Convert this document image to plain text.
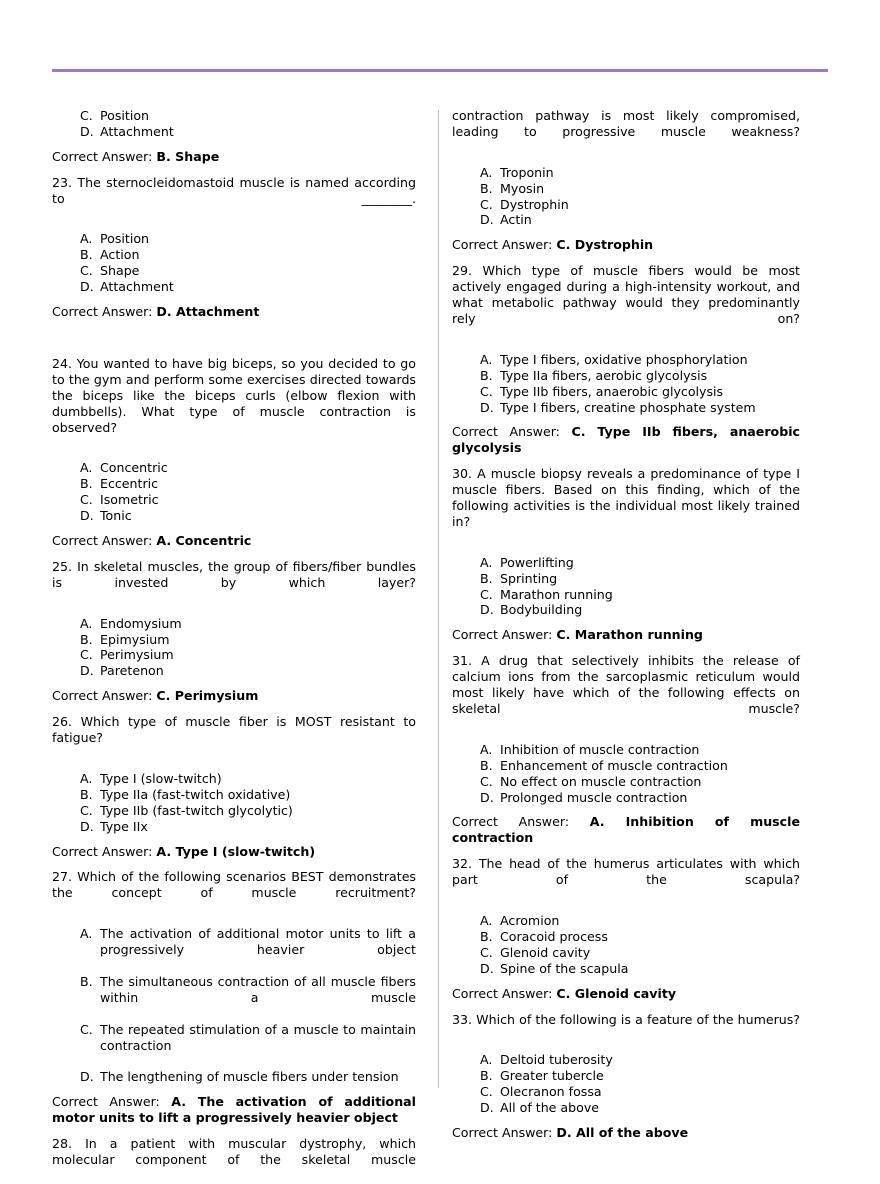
C. Position
D. Attachment

Correct Answer: B. Shape

23. The sternocleidomastoid muscle is named according to ________.

A. Position
B. Action
C. Shape
D. Attachment

Correct Answer: D. Attachment

24. You wanted to have big biceps, so you decided to go to the gym and perform some exercises directed towards the biceps like the biceps curls (elbow flexion with dumbbells). What type of muscle contraction is observed?

A. Concentric
B. Eccentric
C. Isometric
D. Tonic

Correct Answer: A. Concentric

25. In skeletal muscles, the group of fibers/fiber bundles is invested by which layer?

A. Endomysium
B. Epimysium
C. Perimysium
D. Paretenon

Correct Answer: C. Perimysium

26. Which type of muscle fiber is MOST resistant to fatigue?

A. Type I (slow-twitch)
B. Type IIa (fast-twitch oxidative)
C. Type IIb (fast-twitch glycolytic)
D. Type IIx

Correct Answer: A. Type I (slow-twitch)

27. Which of the following scenarios BEST demonstrates the concept of muscle recruitment?

A. The activation of additional motor units to lift a progressively heavier object
B. The simultaneous contraction of all muscle fibers within a muscle
C. The repeated stimulation of a muscle to maintain contraction
D. The lengthening of muscle fibers under tension

Correct Answer: A. The activation of additional motor units to lift a progressively heavier object

28. In a patient with muscular dystrophy, which molecular component of the skeletal muscle

contraction pathway is most likely compromised, leading to progressive muscle weakness?

A. Troponin
B. Myosin
C. Dystrophin
D. Actin

Correct Answer: C. Dystrophin

29. Which type of muscle fibers would be most actively engaged during a high-intensity workout, and what metabolic pathway would they predominantly rely on?

A. Type I fibers, oxidative phosphorylation
B. Type IIa fibers, aerobic glycolysis
C. Type IIb fibers, anaerobic glycolysis
D. Type I fibers, creatine phosphate system

Correct Answer: C. Type IIb fibers, anaerobic glycolysis

30. A muscle biopsy reveals a predominance of type I muscle fibers. Based on this finding, which of the following activities is the individual most likely trained in?

A. Powerlifting
B. Sprinting
C. Marathon running
D. Bodybuilding

Correct Answer: C. Marathon running

31. A drug that selectively inhibits the release of calcium ions from the sarcoplasmic reticulum would most likely have which of the following effects on skeletal muscle?

A. Inhibition of muscle contraction
B. Enhancement of muscle contraction
C. No effect on muscle contraction
D. Prolonged muscle contraction

Correct Answer: A. Inhibition of muscle contraction

32. The head of the humerus articulates with which part of the scapula?

A. Acromion
B. Coracoid process
C. Glenoid cavity
D. Spine of the scapula

Correct Answer: C. Glenoid cavity

33. Which of the following is a feature of the humerus?

A. Deltoid tuberosity
B. Greater tubercle
C. Olecranon fossa
D. All of the above

Correct Answer: D. All of the above
